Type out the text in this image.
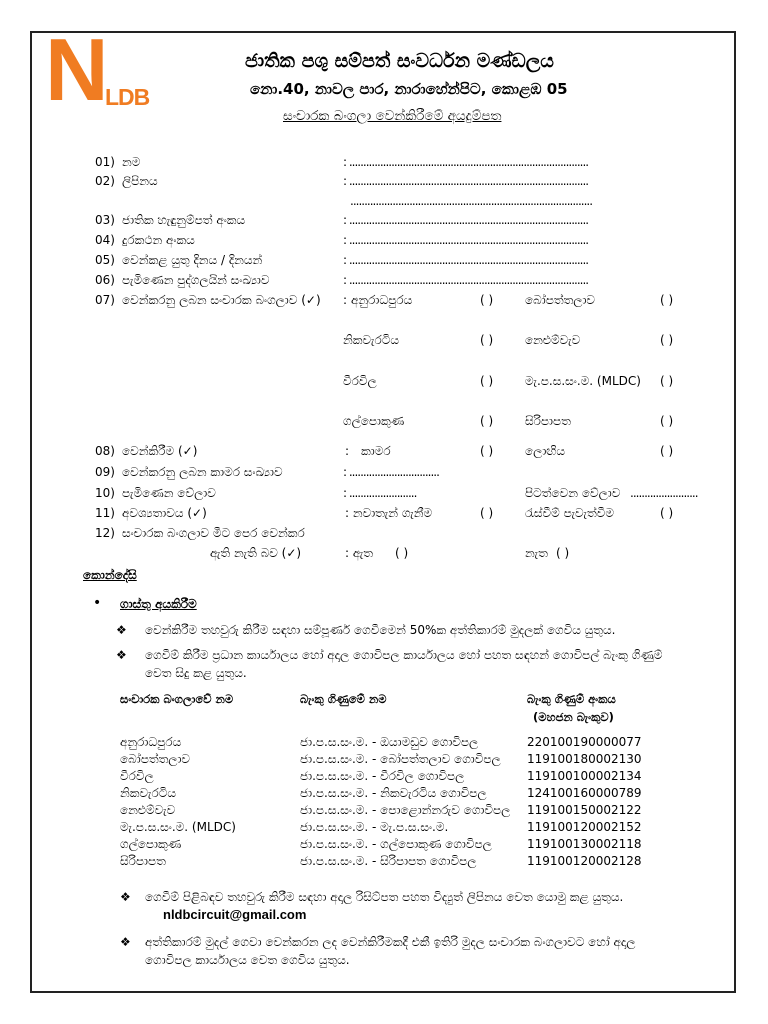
N LDB
ජාතික පශු සම්පත් සංවර්ධන මණ්ඩලය
නො.40, නාවල පාර, නාරාහේන්පිට, කොළඹ 05
සංචාරක බංගලා වෙන්කිරීමේ අයදුම්පත
01) නම	: .....................................................................................
02) ලිපිනය	: .....................................................................................
......................................................................................
03) ජාතික හැඳුනුම්පත් අංකය	: .....................................................................................
04) දුරකථන අංකය	: .....................................................................................
05) වෙන්කළ යුතු දිනය / දිනයන්	: .....................................................................................
06) පැමිණෙන පුද්ගලයින් සංඛ්‍යාව	: .....................................................................................
07) වෙන්කරනු ලබන සංචාරක බංගලාව (✓) : අනුරාධපුරය	( )	බෝපත්තලාව	( )
නිකවැරටිය	( )	නෙළුම්වැව	( )
වීරවිල	( )	මැ.ප.ස.සං.ම. (MLDC) ( )
ගල්පොකුණ	( )	සිරිපාපත	( )
08) වෙන්කිරීම (✓)	: කාමර	( )	ලොඟිය	( )
09) වෙන්කරනු ලබන කාමර සංඛ්‍යාව	: ................................
10) පැමිණෙන වේලාව	: ........................	පිටත්වෙන වේලාව ........................
11) අවශ්‍යතාවය (✓)	: නවාතැන් ගැනීම	( )	රැස්වීම් පැවැත්වීම	( )
12) සංචාරක බංගලාව මීට පෙර වෙන්කර
ඇති නැති බව (✓)	: ඇත ( )	නැත ( )
කොන්දේසි
• ගාස්තු අයකිරීම
❖ වෙන්කිරීම තහවුරු කිරීම සඳහා සම්පූර්ණ ගෙවීමෙන් 50%ක අත්තිකාරම් මුදලක් ගෙවිය යුතුය.
❖ ගෙවීම් කිරීම ප්‍රධාන කාර්යාලය හෝ අදාල ගොවිපල කාර්යාලය හෝ පහත සඳහන් ගොවිපල් බැංකු ගිණුම්
වෙත සිදු කළ යුතුය.
සංචාරක බංගලාවේ නම	බැංකු ගිණුමේ නම	බැංකු ගිණුම් අංකය
(මහජන බැංකුව)
අනුරාධපුරය	ජා.ප.ස.සං.ම. - ඔයාමඩුව ගොවිපල	220100190000077
බෝපත්තලාව	ජා.ප.ස.සං.ම. - බෝපත්තලාව ගොවිපල 119100180002130
වීරවිල	ජා.ප.ස.සං.ම. - වීරවිල ගොවිපල	119100100002134
නිකවැරටිය	ජා.ප.ස.සං.ම. - නිකවැරටිය ගොවිපල	124100160000789
නෙළුම්වැව	ජා.ප.ස.සං.ම. - පොළොන්නරුව ගොවිපල 119100150002122
මැ.ප.ස.සං.ම. (MLDC)	ජා.ප.ස.සං.ම. - මැ.ප.ස.සං.ම.	119100120002152
ගල්පොකුණ	ජා.ප.ස.සං.ම. - ගල්පොකුණ ගොවිපල	119100130002118
සිරිපාපත	ජා.ප.ස.සං.ම. - සිරිපාපත ගොවිපල	119100120002128
❖ ගෙවීම් පිළිබඳව තහවුරු කිරීම සඳහා අදාල රිසිට්පත පහත විද්‍යුත් ලිපිනය වෙත යොමු කළ යුතුය.
nldbcircuit@gmail.com
❖ අත්තිකාරම් මුදල් ගෙවා වෙන්කරන ලද වෙන්කිරීමකදී එකී ඉතිරි මුදල සංචාරක බංගලාවට හෝ අදාල
ගොවිපල කාර්යාලය වෙත ගෙවිය යුතුය.
